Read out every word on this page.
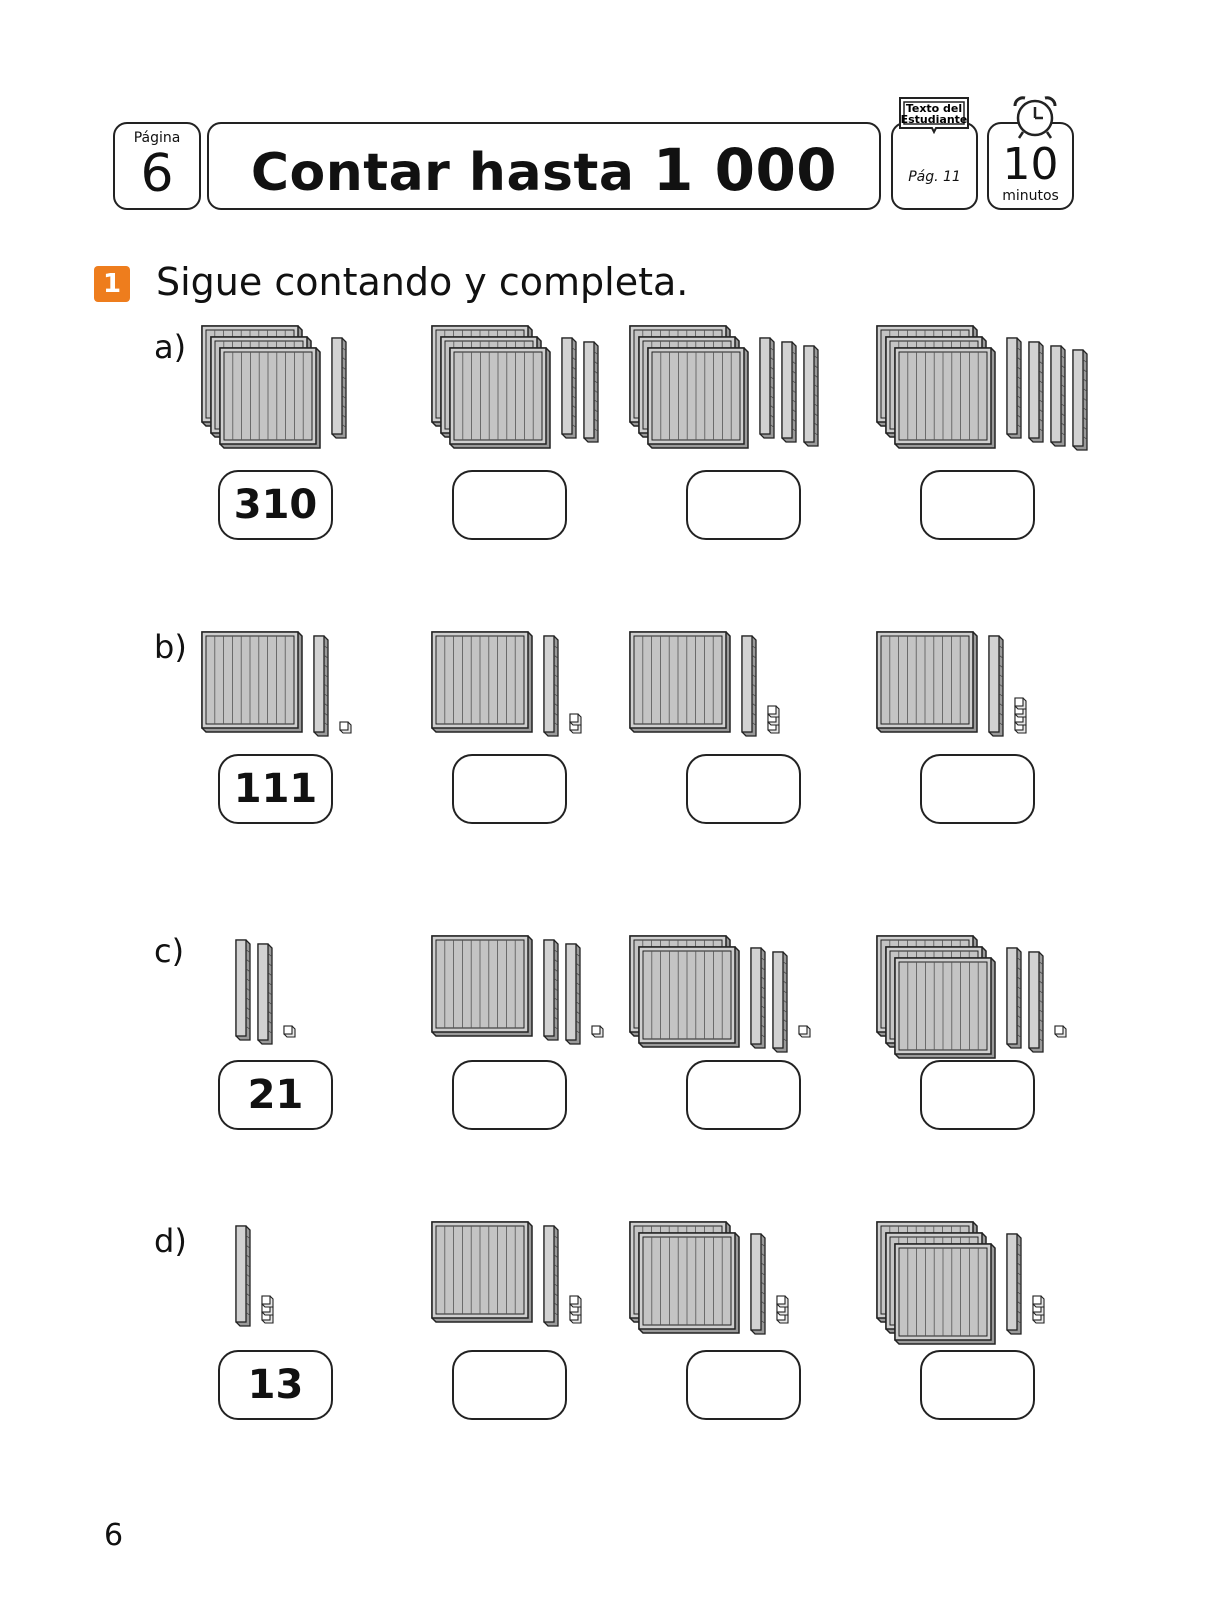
Página
6	Contar hasta 1 000	Pág. 11
Texto del
Estudiante
10
minutos
1 Sigue contando y completa.
a)
310
b)
111
c)
21
d)
13
6
